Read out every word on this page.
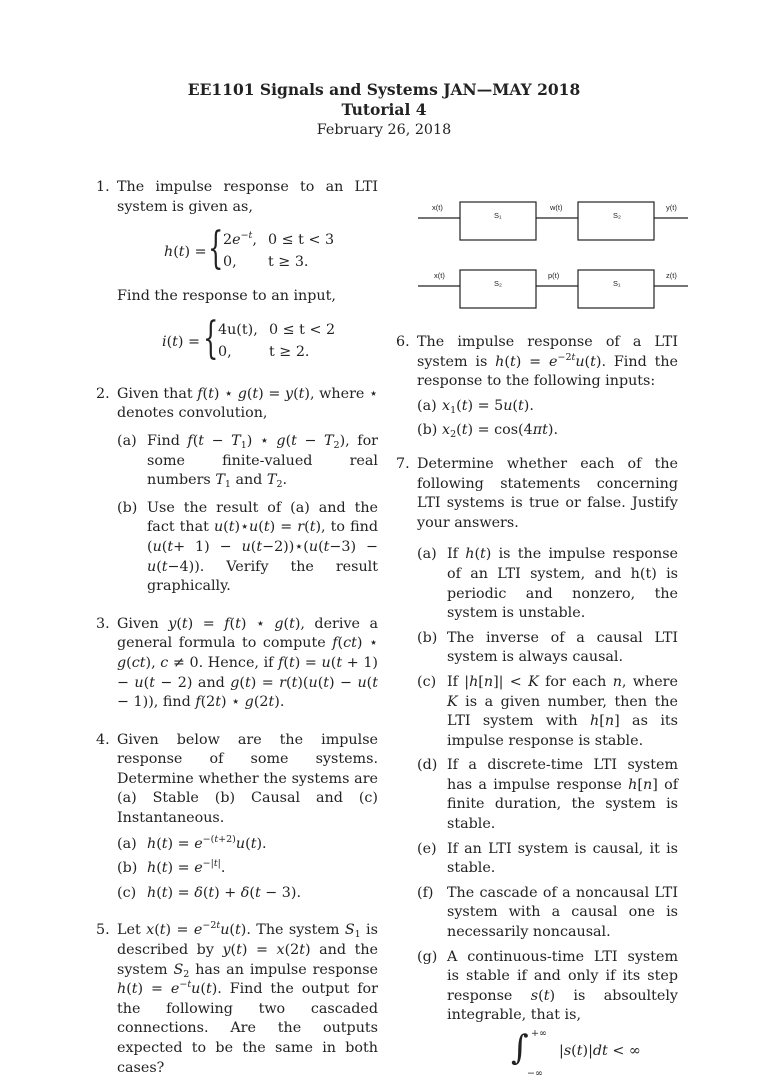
EE1101 Signals and Systems JAN—MAY 2018
Tutorial 4
February 26, 2018
x(t)
S₁
w(t)
S₂
y(t)
x(t)
S₂
p(t)
S₁
z(t)
1. The impulse response to an LTI system is given as,
h(t) = { $2e^{-t}$, 0 ≤ t < 3
0, t ≥ 3.
Find the response to an input,
i(t) = { 4u(t), 0 ≤ t < 2
0,	t ≥ 2.
2. Given that f(t) ⋆ g(t) = y(t), where ⋆ denotes convolution,
(a) Find $f(t - T_1)$ ⋆ $g(t - T_2)$, for some finite-valued real numbers $T_1$ and $T_2$.
(b) Use the result of (a) and the fact that u(t)⋆u(t) = r(t), to find (u(t+ 1) − u(t−2))⋆(u(t−3) − u(t−4)). Verify the result graphically.
3. Given y(t) = f(t) ⋆ g(t), derive a general formula to compute f(ct) ⋆ g(ct), c ≠ 0. Hence, if f(t) = u(t + 1) − u(t − 2) and g(t) = r(t)(u(t) − u(t − 1)), find f(2t) ⋆ g(2t).
4. Given below are the impulse response of some systems. Determine whether the systems are (a) Stable (b) Causal and (c) Instantaneous.
(a) $h(t) = e^{-(t+2)}u(t)$.
(b) $h(t) = e^{-|t|}$.
(c) h(t) = δ(t) + δ(t − 3).
5. Let $x(t) = e^{-2t}u(t)$. The system $S_1$ is described by y(t) = x(2t) and the system $S_2$ has an impulse response $h(t) = e^{-t}u(t)$. Find the output for the following two cascaded connections. Are the outputs expected to be the same in both cases?
6. The impulse response of a LTI system is $h(t) = e^{-2t}u(t)$. Find the response to the following inputs:
(a) $x_1(t) = 5u(t)$.
(b) $x_2(t) = \cos(4\pi t)$.
7. Determine whether each of the following statements concerning LTI systems is true or false. Justify your answers.
(a) If h(t) is the impulse response of an LTI system, and h(t) is periodic and nonzero, the system is unstable.
(b) The inverse of a causal LTI system is always causal.
(c) If |h[n]| < K for each n, where K is a given number, then the LTI system with h[n] as its impulse response is stable.
(d) If a discrete-time LTI system has a impulse response h[n] of finite duration, the system is stable.
(e) If an LTI system is causal, it is stable.
(f) The cascade of a noncausal LTI system with a causal one is necessarily noncausal.
(g) A continuous-time LTI system is stable if and only if its step response s(t) is absoultely integrable, that is,
∫ +∞
−∞
|s(t)|dt < ∞
